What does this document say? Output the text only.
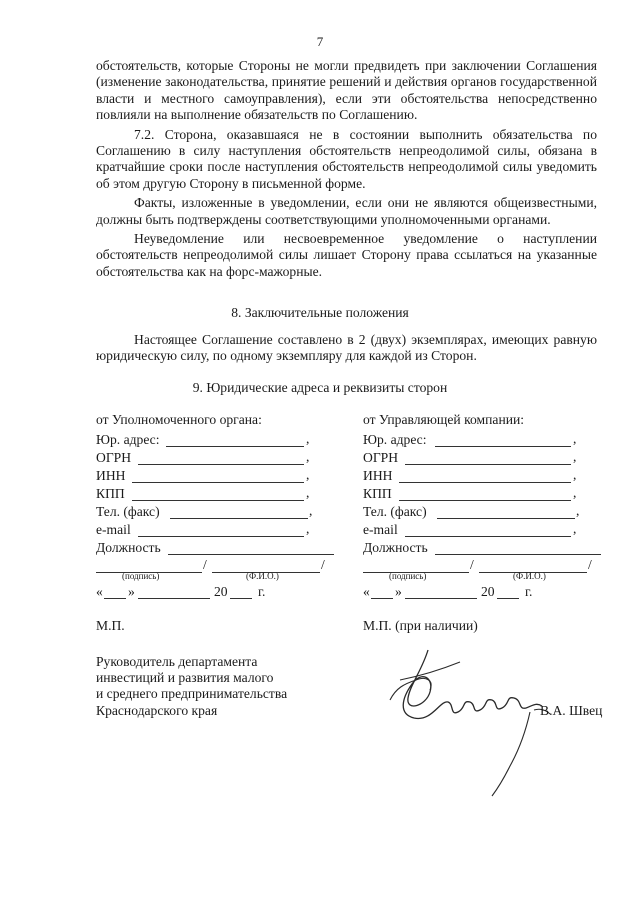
7

обстоятельств, которые Стороны не могли предвидеть при заключении Соглашения (изменение законодательства, принятие решений и действия органов государственной власти и местного самоуправления), если эти обстоятельства непосредственно повлияли на выполнение обязательств по Соглашению.

7.2. Сторона, оказавшаяся не в состоянии выполнить обязательства по Соглашению в силу наступления обстоятельств непреодолимой силы, обязана в кратчайшие сроки после наступления обстоятельств непреодолимой силы уведомить об этом другую Сторону в письменной форме.

Факты, изложенные в уведомлении, если они не являются общеизвестными, должны быть подтверждены соответствующими уполномоченными органами.

Неуведомление или несвоевременное уведомление о наступлении обстоятельств непреодолимой силы лишает Сторону права ссылаться на указанные обстоятельства как на форс-мажорные.

8. Заключительные положения

Настоящее Соглашение составлено в 2 (двух) экземплярах, имеющих равную юридическую силу, по одному экземпляру для каждой из Сторон.

9. Юридические адреса и реквизиты сторон
от Уполномоченного органа:
Юр. адрес:	,
ОГРН	,
ИНН	,
КПП	,
Тел. (факс)	,
e-mail	,
Должность
/	/
(подпись)	(Ф.И.О.)
« »	20 г.
М.П.
от Управляющей компании:
Юр. адрес:	,
ОГРН	,
ИНН	,
КПП	,
Тел. (факс)	,
e-mail	,
Должность
/	/
(подпись)	(Ф.И.О.)
« »	20 г.
М.П. (при наличии)
Руководитель департамента
инвестиций и развития малого
и среднего предпринимательства
Краснодарского края	В.А. Швец
